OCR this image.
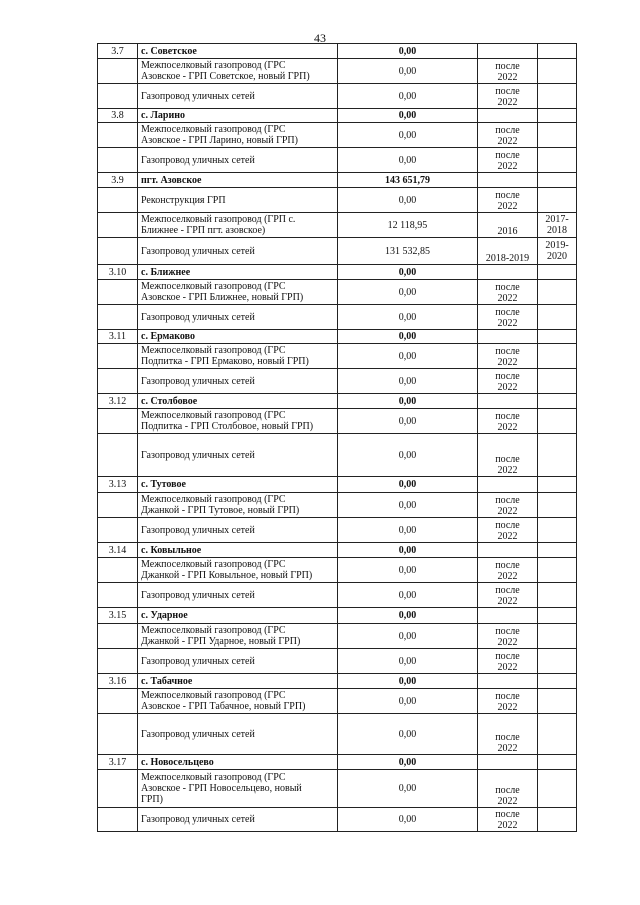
43
3.7	с. Советское	0,00		

	Межпоселковый газопровод (ГРС
Азовское - ГРП Советское, новый ГРП)	0,00	после
2022	

	Газопровод уличных сетей	0,00	после
2022	

3.8	с. Ларино	0,00		

	Межпоселковый газопровод (ГРС
Азовское - ГРП Ларино, новый ГРП)	0,00	после
2022	

	Газопровод уличных сетей	0,00	после
2022	

3.9	пгт. Азовское	143 651,79		

	Реконструкция ГРП	0,00	после
2022	

	Межпоселковый газопровод (ГРП с.
Ближнее - ГРП пгт. азовское)	12 118,95	2016	2017-
2018

	Газопровод уличных сетей	131 532,85	2018-2019	2019-
2020

3.10	с. Ближнее	0,00		

	Межпоселковый газопровод (ГРС
Азовское - ГРП Ближнее, новый ГРП)	0,00	после
2022	

	Газопровод уличных сетей	0,00	после
2022	

3.11	с. Ермаково	0,00		

	Межпоселковый газопровод (ГРС
Подпитка - ГРП Ермаково, новый ГРП)	0,00	после
2022	

	Газопровод уличных сетей	0,00	после
2022	

3.12	с. Столбовое	0,00		

	Межпоселковый газопровод (ГРС
Подпитка - ГРП Столбовое, новый ГРП)	0,00	после
2022	

	Газопровод уличных сетей	0,00	после
2022	

3.13	с. Тутовое	0,00		

	Межпоселковый газопровод (ГРС
Джанкой - ГРП Тутовое, новый ГРП)	0,00	после
2022	

	Газопровод уличных сетей	0,00	после
2022	

3.14	с. Ковыльное	0,00		

	Межпоселковый газопровод (ГРС
Джанкой - ГРП Ковыльное, новый ГРП)	0,00	после
2022	

	Газопровод уличных сетей	0,00	после
2022	

3.15	с. Ударное	0,00		

	Межпоселковый газопровод (ГРС
Джанкой - ГРП Ударное, новый ГРП)	0,00	после
2022	

	Газопровод уличных сетей	0,00	после
2022	

3.16	с. Табачное	0,00		

	Межпоселковый газопровод (ГРС
Азовское - ГРП Табачное, новый ГРП)	0,00	после
2022	

	Газопровод уличных сетей	0,00	после
2022	

3.17	с. Новосельцево	0,00		

	Межпоселковый газопровод (ГРС
Азовское - ГРП Новосельцево, новый
ГРП)	0,00	после
2022	

	Газопровод уличных сетей	0,00	после
2022	
